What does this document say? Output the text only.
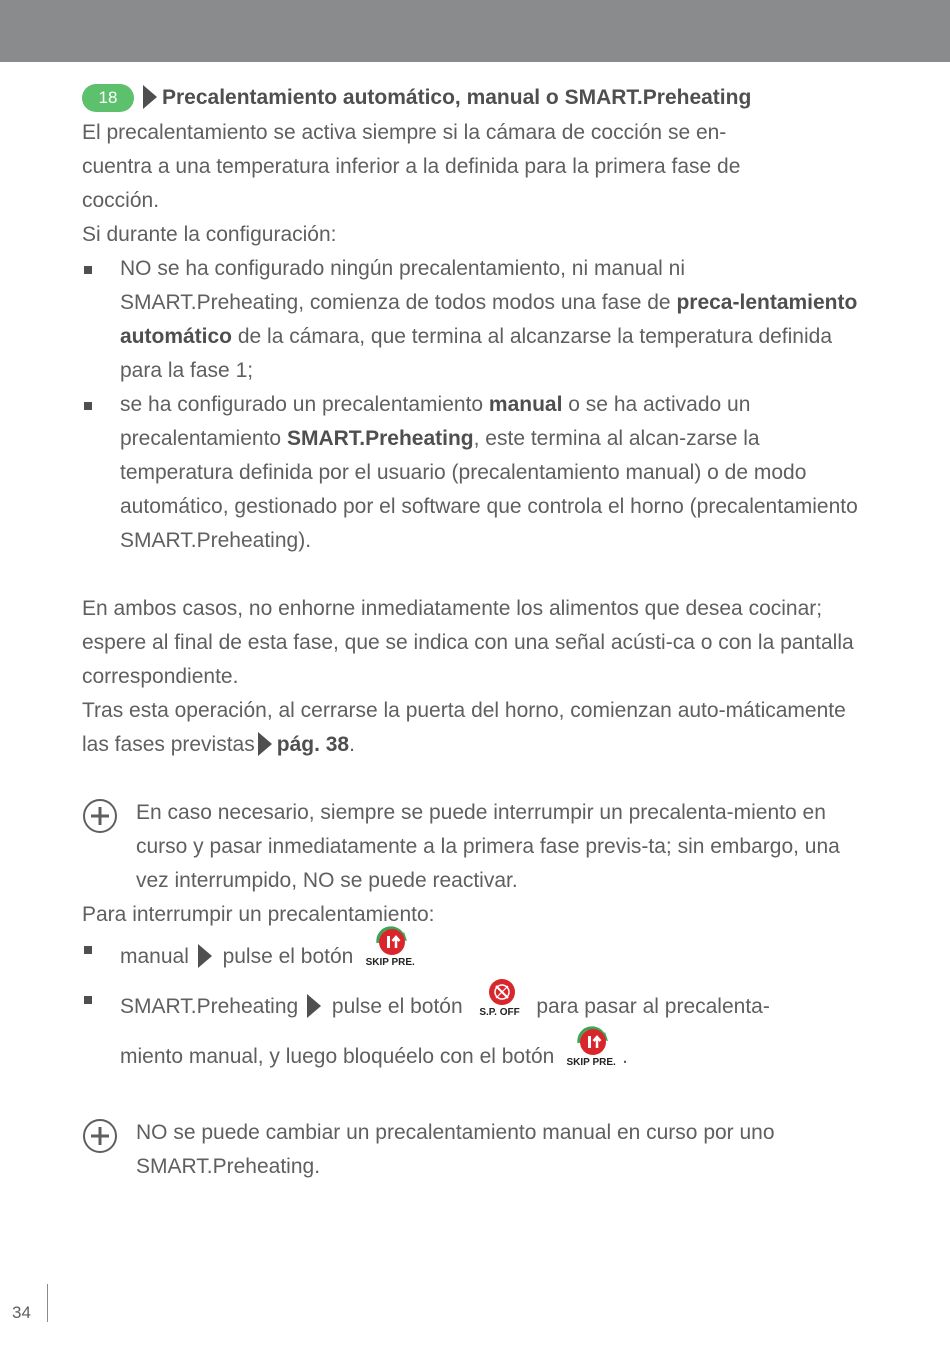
18	Precalentamiento automático, manual o SMART.Preheating

El precalentamiento se activa siempre si la cámara de cocción se en-
cuentra a una temperatura inferior a la definida para la primera fase de
cocción.

Si durante la configuración:

NO se ha configurado ningún precalentamiento, ni manual ni SMART.Preheating, comienza de todos modos una fase de preca-lentamiento automático de la cámara, que termina al alcanzarse la temperatura definida para la fase 1;
se ha configurado un precalentamiento manual o se ha activado un precalentamiento SMART.Preheating, este termina al alcan-zarse la temperatura definida por el usuario (precalentamiento manual) o de modo automático, gestionado por el software que controla el horno (precalentamiento SMART.Preheating).

En ambos casos, no enhorne inmediatamente los alimentos que desea cocinar; espere al final de esta fase, que se indica con una señal acústi-ca o con la pantalla correspondiente.

Tras esta operación, al cerrarse la puerta del horno, comienzan auto-máticamente las fases previstas pág. 38.

En caso necesario, siempre se puede interrumpir un precalenta-miento en curso y pasar inmediatamente a la primera fase previs-ta; sin embargo, una vez interrumpido, NO se puede reactivar.

Para interrumpir un precalentamiento:

manual pulse el botón	SKIP PRE.
SMART.Preheating pulse el botón	S.P. OFF para pasar al precalenta-
miento manual, y luego bloquéelo con el botón	SKIP PRE. .
NO se puede cambiar un precalentamiento manual en curso por uno SMART.Preheating.
34
